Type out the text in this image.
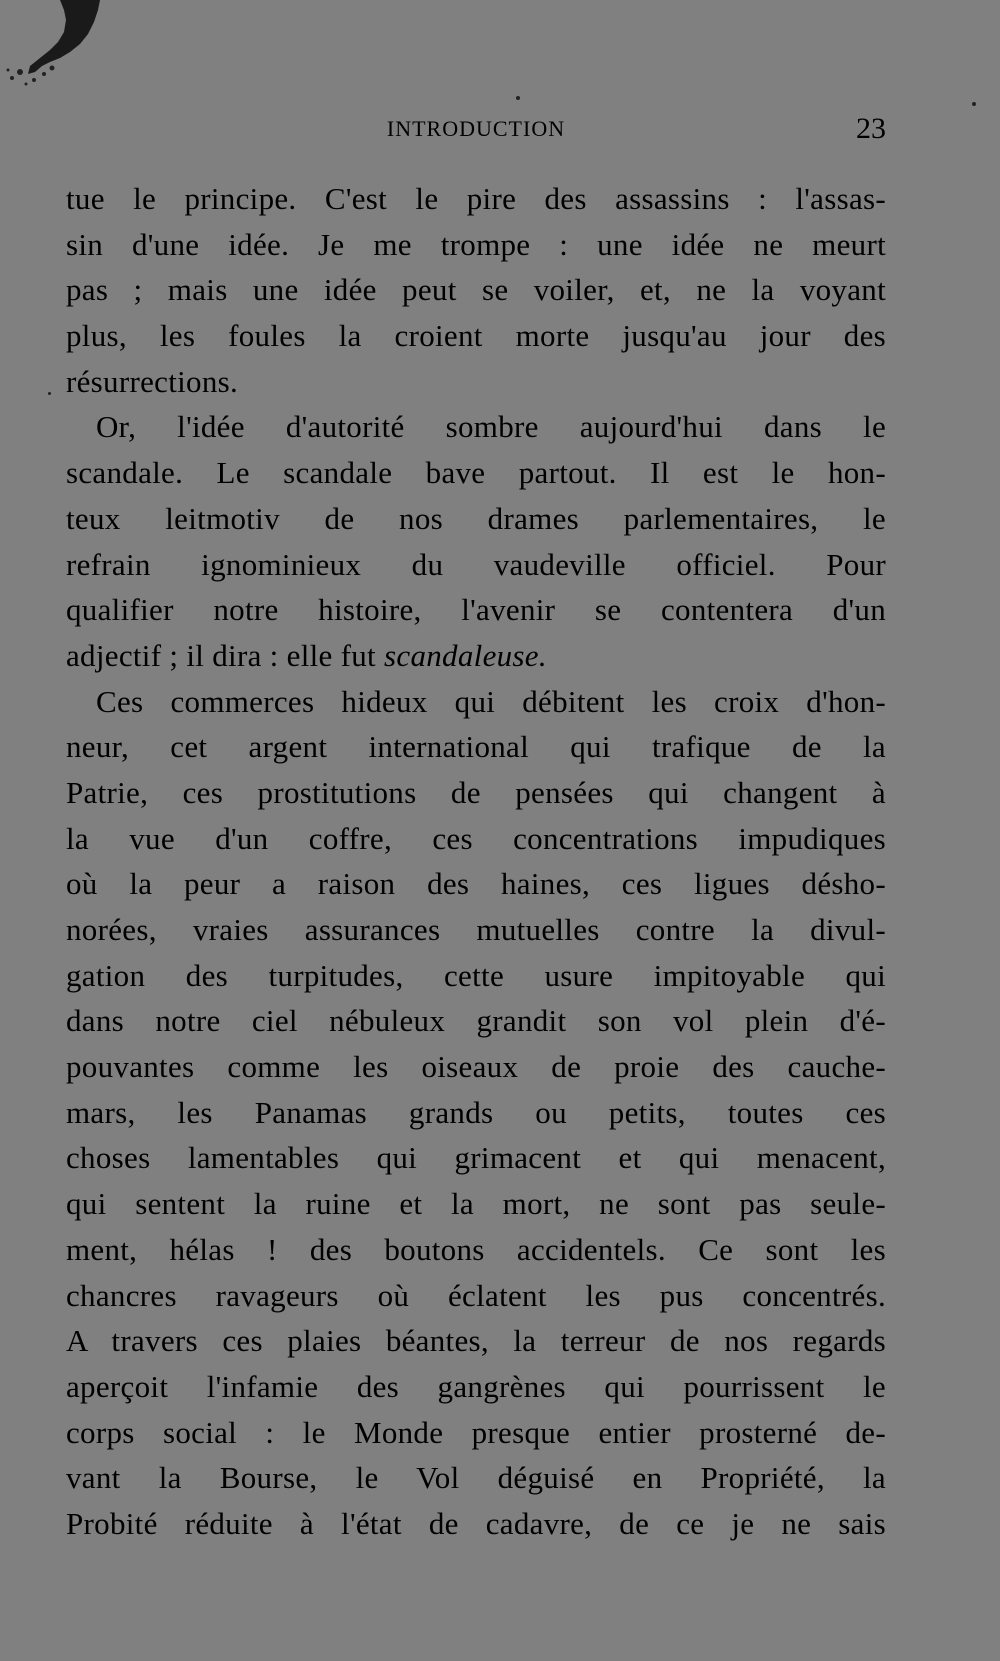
INTRODUCTION	23
tue le principe. C'est le pire des assassins : l'assas-
sin d'une idée. Je me trompe : une idée ne meurt
pas ; mais une idée peut se voiler, et, ne la voyant
plus, les foules la croient morte jusqu'au jour des
résurrections.
Or, l'idée d'autorité sombre aujourd'hui dans le
scandale. Le scandale bave partout. Il est le hon-
teux leitmotiv de nos drames parlementaires, le
refrain ignominieux du vaudeville officiel. Pour
qualifier notre histoire, l'avenir se contentera d'un
adjectif ; il dira : elle fut scandaleuse.
Ces commerces hideux qui débitent les croix d'hon-
neur, cet argent international qui trafique de la
Patrie, ces prostitutions de pensées qui changent à
la vue d'un coffre, ces concentrations impudiques
où la peur a raison des haines, ces ligues désho-
norées, vraies assurances mutuelles contre la divul-
gation des turpitudes, cette usure impitoyable qui
dans notre ciel nébuleux grandit son vol plein d'é-
pouvantes comme les oiseaux de proie des cauche-
mars, les Panamas grands ou petits, toutes ces
choses lamentables qui grimacent et qui menacent,
qui sentent la ruine et la mort, ne sont pas seule-
ment, hélas ! des boutons accidentels. Ce sont les
chancres ravageurs où éclatent les pus concentrés.
A travers ces plaies béantes, la terreur de nos regards
aperçoit l'infamie des gangrènes qui pourrissent le
corps social : le Monde presque entier prosterné de-
vant la Bourse, le Vol déguisé en Propriété, la
Probité réduite à l'état de cadavre, de ce je ne sais
